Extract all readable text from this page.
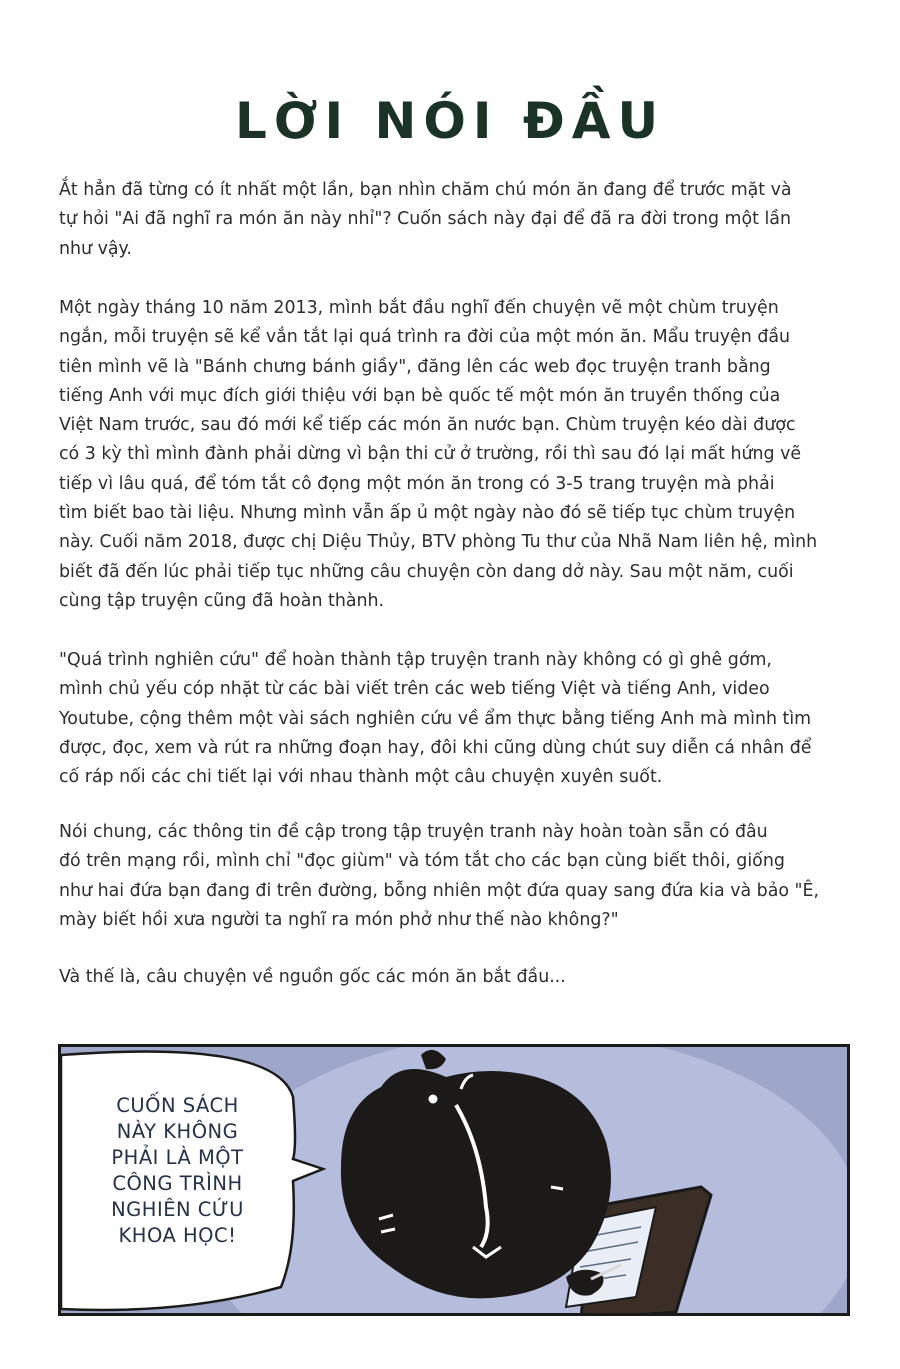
LỜI NÓI ĐẦU

Ắt hẳn đã từng có ít nhất một lần, bạn nhìn chăm chú món ăn đang để trước mặt và

tự hỏi "Ai đã nghĩ ra món ăn này nhỉ"? Cuốn sách này đại để đã ra đời trong một lần

như vậy.

Một ngày tháng 10 năm 2013, mình bắt đầu nghĩ đến chuyện vẽ một chùm truyện

ngắn, mỗi truyện sẽ kể vắn tắt lại quá trình ra đời của một món ăn. Mẩu truyện đầu

tiên mình vẽ là "Bánh chưng bánh giầy", đăng lên các web đọc truyện tranh bằng

tiếng Anh với mục đích giới thiệu với bạn bè quốc tế một món ăn truyền thống của

Việt Nam trước, sau đó mới kể tiếp các món ăn nước bạn. Chùm truyện kéo dài được

có 3 kỳ thì mình đành phải dừng vì bận thi cử ở trường, rồi thì sau đó lại mất hứng vẽ

tiếp vì lâu quá, để tóm tắt cô đọng một món ăn trong có 3-5 trang truyện mà phải

tìm biết bao tài liệu. Nhưng mình vẫn ấp ủ một ngày nào đó sẽ tiếp tục chùm truyện

này. Cuối năm 2018, được chị Diệu Thủy, BTV phòng Tu thư của Nhã Nam liên hệ, mình

biết đã đến lúc phải tiếp tục những câu chuyện còn dang dở này. Sau một năm, cuối

cùng tập truyện cũng đã hoàn thành.

"Quá trình nghiên cứu" để hoàn thành tập truyện tranh này không có gì ghê gớm,

mình chủ yếu cóp nhặt từ các bài viết trên các web tiếng Việt và tiếng Anh, video

Youtube, cộng thêm một vài sách nghiên cứu về ẩm thực bằng tiếng Anh mà mình tìm

được, đọc, xem và rút ra những đoạn hay, đôi khi cũng dùng chút suy diễn cá nhân để

cố ráp nối các chi tiết lại với nhau thành một câu chuyện xuyên suốt.

Nói chung, các thông tin đề cập trong tập truyện tranh này hoàn toàn sẵn có đâu

đó trên mạng rồi, mình chỉ "đọc giùm" và tóm tắt cho các bạn cùng biết thôi, giống

như hai đứa bạn đang đi trên đường, bỗng nhiên một đứa quay sang đứa kia và bảo "Ê,

mày biết hồi xưa người ta nghĩ ra món phở như thế nào không?"

Và thế là, câu chuyện về nguồn gốc các món ăn bắt đầu...

CUỐN SÁCH
NÀY KHÔNG
PHẢI LÀ MỘT
CÔNG TRÌNH
NGHIÊN CỨU
KHOA HỌC!
